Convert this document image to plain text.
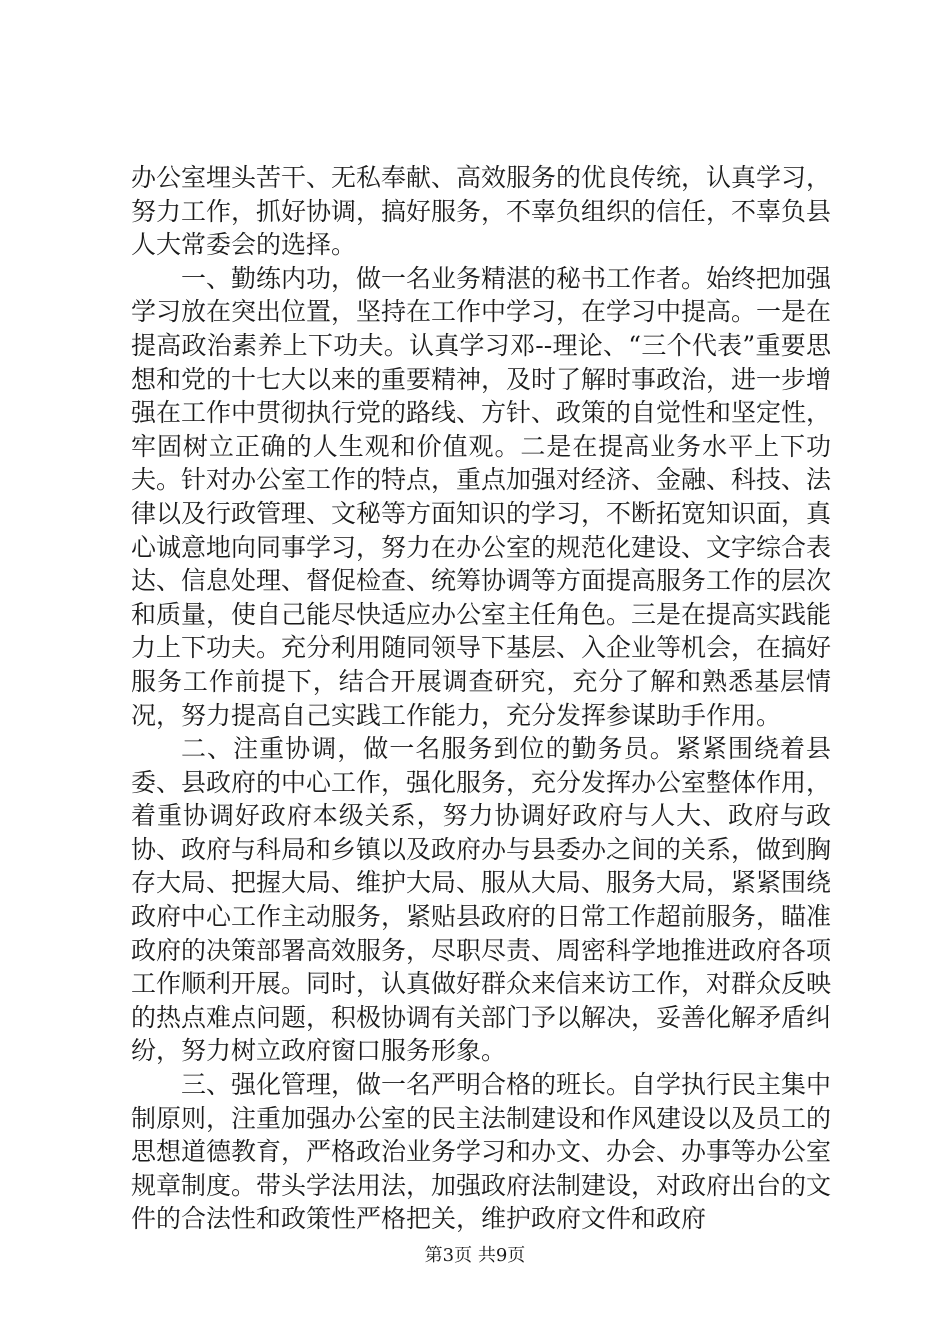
办公室埋头苦干、无私奉献、高效服务的优良传统，认真学习，努力工作，抓好协调，搞好服务，不辜负组织的信任，不辜负县人大常委会的选择。

一、勤练内功，做一名业务精湛的秘书工作者。始终把加强学习放在突出位置，坚持在工作中学习，在学习中提高。一是在提高政治素养上下功夫。认真学习邓--理论、“三个代表”重要思想和党的十七大以来的重要精神，及时了解时事政治，进一步增强在工作中贯彻执行党的路线、方针、政策的自觉性和坚定性，牢固树立正确的人生观和价值观。二是在提高业务水平上下功夫。针对办公室工作的特点，重点加强对经济、金融、科技、法律以及行政管理、文秘等方面知识的学习，不断拓宽知识面，真心诚意地向同事学习，努力在办公室的规范化建设、文字综合表达、信息处理、督促检查、统筹协调等方面提高服务工作的层次和质量，使自己能尽快适应办公室主任角色。三是在提高实践能力上下功夫。充分利用随同领导下基层、入企业等机会，在搞好服务工作前提下，结合开展调查研究，充分了解和熟悉基层情况，努力提高自己实践工作能力，充分发挥参谋助手作用。

二、注重协调，做一名服务到位的勤务员。紧紧围绕着县委、县政府的中心工作，强化服务，充分发挥办公室整体作用，着重协调好政府本级关系，努力协调好政府与人大、政府与政协、政府与科局和乡镇以及政府办与县委办之间的关系，做到胸存大局、把握大局、维护大局、服从大局、服务大局，紧紧围绕政府中心工作主动服务，紧贴县政府的日常工作超前服务，瞄准政府的决策部署高效服务，尽职尽责、周密科学地推进政府各项工作顺利开展。同时，认真做好群众来信来访工作，对群众反映的热点难点问题，积极协调有关部门予以解决，妥善化解矛盾纠纷，努力树立政府窗口服务形象。

三、强化管理，做一名严明合格的班长。自学执行民主集中制原则，注重加强办公室的民主法制建设和作风建设以及员工的思想道德教育，严格政治业务学习和办文、办会、办事等办公室规章制度。带头学法用法，加强政府法制建设，对政府出台的文件的合法性和政策性严格把关，维护政府文件和政府

第3页 共9页
